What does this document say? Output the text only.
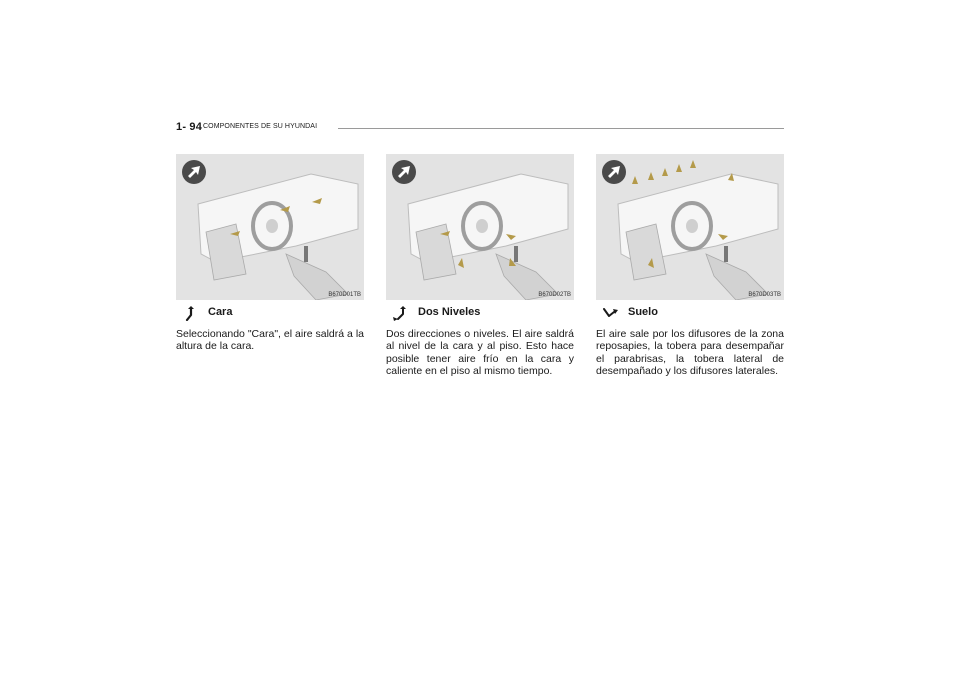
1- 94 COMPONENTES DE SU HYUNDAI
B670D01TB
Cara

Seleccionando "Cara", el aire saldrá a la altura de la cara.

B670D02TB
Dos Niveles

Dos direcciones o niveles. El aire saldrá al nivel de la cara y al piso. Esto hace posible tener aire frío en la cara y caliente en el piso al mismo tiempo.

B670D03TB
Suelo

El aire sale por los difusores de la zona reposapies, la tobera para desempañar el parabrisas, la tobera lateral de desempañado y los difusores laterales.
